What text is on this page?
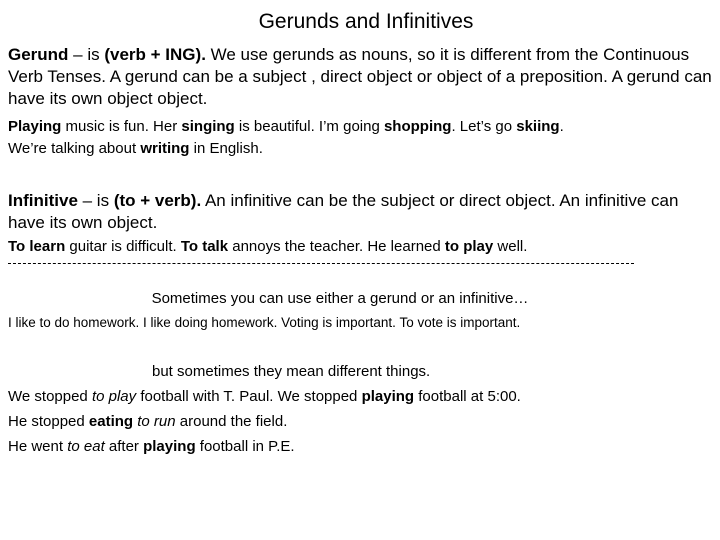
Gerunds and Infinitives
Gerund – is (verb + ING). We use gerunds as nouns, so it is different from the Continuous Verb Tenses. A gerund can be a subject , direct object or object of a preposition. A gerund can have its own object object.
Playing music is fun. Her singing is beautiful. I’m going shopping. Let’s go skiing.
We’re talking about writing in English.
Infinitive – is (to + verb). An infinitive can be the subject or direct object. An infinitive can have its own object.
To learn guitar is difficult. To talk annoys the teacher. He learned to play well.
Sometimes you can use either a gerund or an infinitive…
I like to do homework. I like doing homework. Voting is important. To vote is important.
but sometimes they mean different things.
We stopped to play football with T. Paul. We stopped playing football at 5:00.
He stopped eating to run around the field.
He went to eat after playing football in P.E.
